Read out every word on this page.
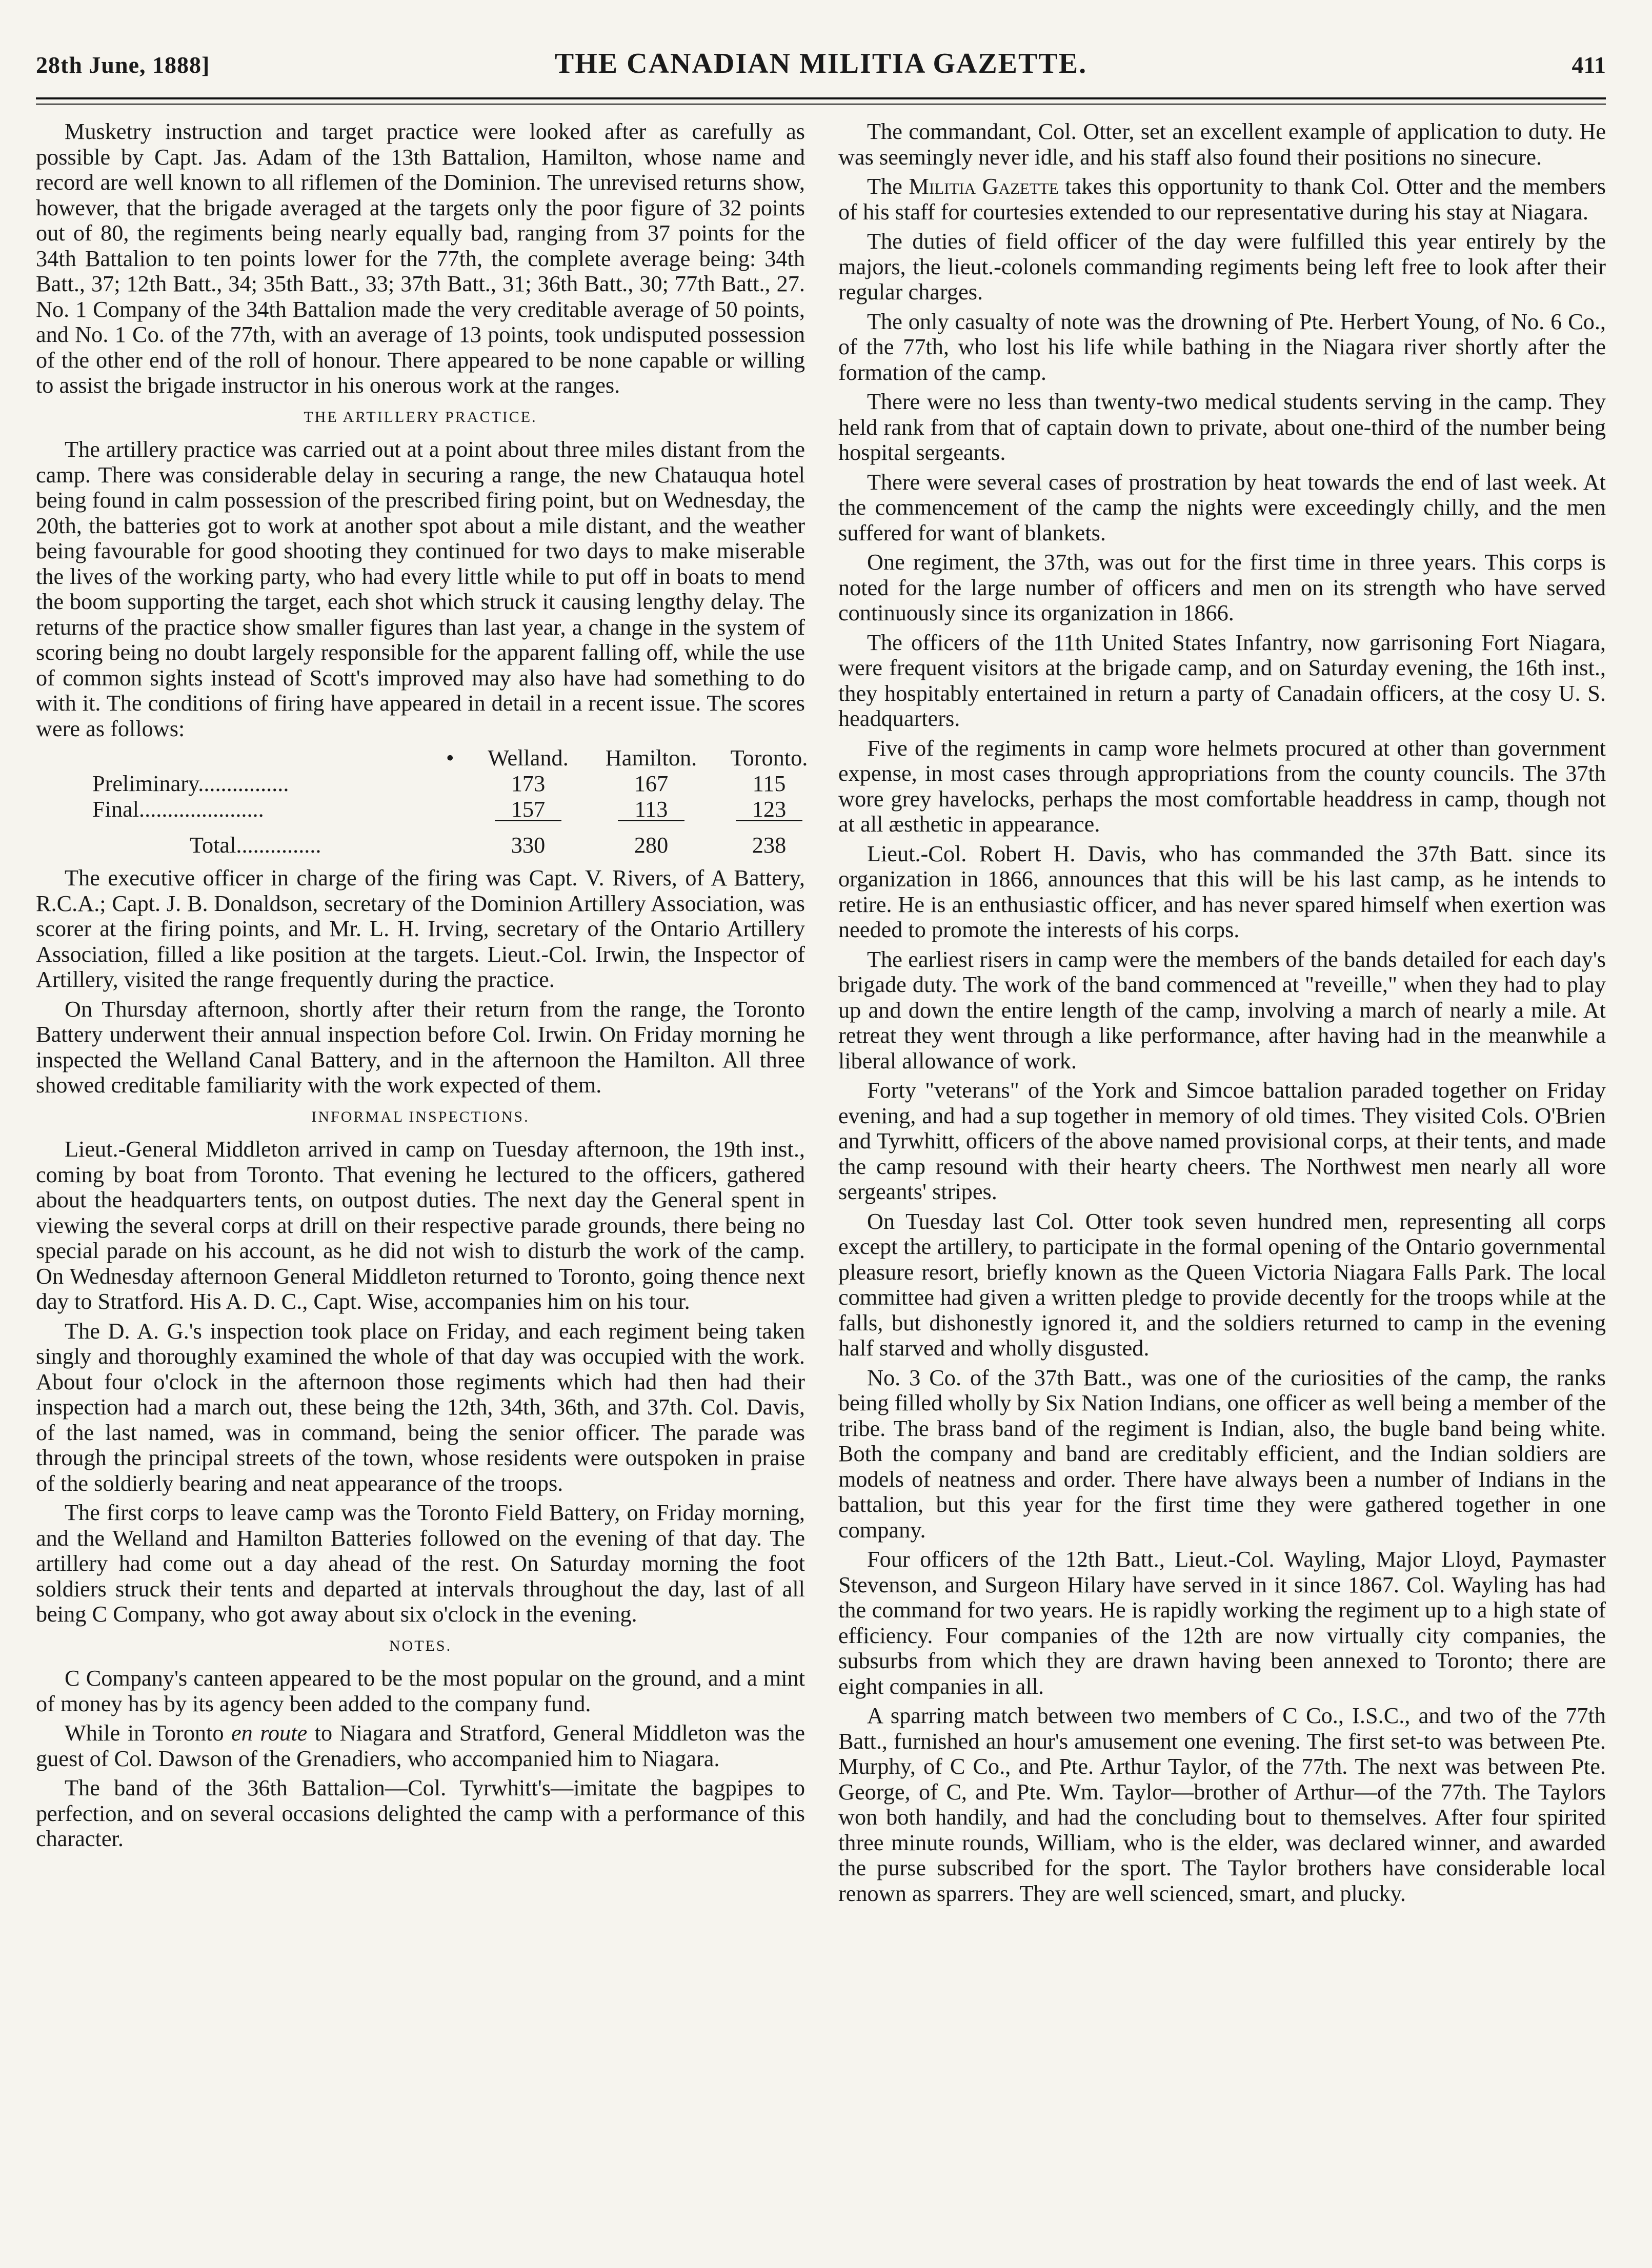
28th June, 1888]	THE CANADIAN MILITIA GAZETTE.	411

Musketry instruction and target practice were looked after as carefully as possible by Capt. Jas. Adam of the 13th Battalion, Hamilton, whose name and record are well known to all riflemen of the Dominion. The unrevised returns show, however, that the brigade averaged at the targets only the poor figure of 32 points out of 80, the regiments being nearly equally bad, ranging from 37 points for the 34th Battalion to ten points lower for the 77th, the complete average being: 34th Batt., 37; 12th Batt., 34; 35th Batt., 33; 37th Batt., 31; 36th Batt., 30; 77th Batt., 27. No. 1 Company of the 34th Battalion made the very creditable average of 50 points, and No. 1 Co. of the 77th, with an average of 13 points, took undisputed possession of the other end of the roll of honour. There appeared to be none capable or willing to assist the brigade instructor in his onerous work at the ranges.

THE ARTILLERY PRACTICE.

The artillery practice was carried out at a point about three miles distant from the camp. There was considerable delay in securing a range, the new Chatauqua hotel being found in calm possession of the prescribed firing point, but on Wednesday, the 20th, the batteries got to work at another spot about a mile distant, and the weather being favourable for good shooting they continued for two days to make miserable the lives of the working party, who had every little while to put off in boats to mend the boom supporting the target, each shot which struck it causing lengthy delay. The returns of the practice show smaller figures than last year, a change in the system of scoring being no doubt largely responsible for the apparent falling off, while the use of common sights instead of Scott's improved may also have had something to do with it. The conditions of firing have appeared in detail in a recent issue. The scores were as follows:

•	Welland.	Hamilton.	Toronto.
Preliminary................	173	167	115
Final......................	157	113	123
Total...............	330	280	238

The executive officer in charge of the firing was Capt. V. Rivers, of A Battery, R.C.A.; Capt. J. B. Donaldson, secretary of the Dominion Artillery Association, was scorer at the firing points, and Mr. L. H. Irving, secretary of the Ontario Artillery Association, filled a like position at the targets. Lieut.-Col. Irwin, the Inspector of Artillery, visited the range frequently during the practice.

On Thursday afternoon, shortly after their return from the range, the Toronto Battery underwent their annual inspection before Col. Irwin. On Friday morning he inspected the Welland Canal Battery, and in the afternoon the Hamilton. All three showed creditable familiarity with the work expected of them.

INFORMAL INSPECTIONS.

Lieut.-General Middleton arrived in camp on Tuesday afternoon, the 19th inst., coming by boat from Toronto. That evening he lectured to the officers, gathered about the headquarters tents, on outpost duties. The next day the General spent in viewing the several corps at drill on their respective parade grounds, there being no special parade on his account, as he did not wish to disturb the work of the camp. On Wednesday afternoon General Middleton returned to Toronto, going thence next day to Stratford. His A. D. C., Capt. Wise, accompanies him on his tour.

The D. A. G.'s inspection took place on Friday, and each regiment being taken singly and thoroughly examined the whole of that day was occupied with the work. About four o'clock in the afternoon those regiments which had then had their inspection had a march out, these being the 12th, 34th, 36th, and 37th. Col. Davis, of the last named, was in command, being the senior officer. The parade was through the principal streets of the town, whose residents were outspoken in praise of the soldierly bearing and neat appearance of the troops.

The first corps to leave camp was the Toronto Field Battery, on Friday morning, and the Welland and Hamilton Batteries followed on the evening of that day. The artillery had come out a day ahead of the rest. On Saturday morning the foot soldiers struck their tents and departed at intervals throughout the day, last of all being C Company, who got away about six o'clock in the evening.

NOTES.

C Company's canteen appeared to be the most popular on the ground, and a mint of money has by its agency been added to the company fund.

While in Toronto en route to Niagara and Stratford, General Middleton was the guest of Col. Dawson of the Grenadiers, who accompanied him to Niagara.

The band of the 36th Battalion—Col. Tyrwhitt's—imitate the bagpipes to perfection, and on several occasions delighted the camp with a performance of this character.

The commandant, Col. Otter, set an excellent example of application to duty. He was seemingly never idle, and his staff also found their positions no sinecure.

The Militia Gazette takes this opportunity to thank Col. Otter and the members of his staff for courtesies extended to our representative during his stay at Niagara.

The duties of field officer of the day were fulfilled this year entirely by the majors, the lieut.-colonels commanding regiments being left free to look after their regular charges.

The only casualty of note was the drowning of Pte. Herbert Young, of No. 6 Co., of the 77th, who lost his life while bathing in the Niagara river shortly after the formation of the camp.

There were no less than twenty-two medical students serving in the camp. They held rank from that of captain down to private, about one-third of the number being hospital sergeants.

There were several cases of prostration by heat towards the end of last week. At the commencement of the camp the nights were exceedingly chilly, and the men suffered for want of blankets.

One regiment, the 37th, was out for the first time in three years. This corps is noted for the large number of officers and men on its strength who have served continuously since its organization in 1866.

The officers of the 11th United States Infantry, now garrisoning Fort Niagara, were frequent visitors at the brigade camp, and on Saturday evening, the 16th inst., they hospitably entertained in return a party of Canadain officers, at the cosy U. S. headquarters.

Five of the regiments in camp wore helmets procured at other than government expense, in most cases through appropriations from the county councils. The 37th wore grey havelocks, perhaps the most comfortable headdress in camp, though not at all æsthetic in appearance.

Lieut.-Col. Robert H. Davis, who has commanded the 37th Batt. since its organization in 1866, announces that this will be his last camp, as he intends to retire. He is an enthusiastic officer, and has never spared himself when exertion was needed to promote the interests of his corps.

The earliest risers in camp were the members of the bands detailed for each day's brigade duty. The work of the band commenced at "reveille," when they had to play up and down the entire length of the camp, involving a march of nearly a mile. At retreat they went through a like performance, after having had in the meanwhile a liberal allowance of work.

Forty "veterans" of the York and Simcoe battalion paraded together on Friday evening, and had a sup together in memory of old times. They visited Cols. O'Brien and Tyrwhitt, officers of the above named provisional corps, at their tents, and made the camp resound with their hearty cheers. The Northwest men nearly all wore sergeants' stripes.

On Tuesday last Col. Otter took seven hundred men, representing all corps except the artillery, to participate in the formal opening of the Ontario governmental pleasure resort, briefly known as the Queen Victoria Niagara Falls Park. The local committee had given a written pledge to provide decently for the troops while at the falls, but dishonestly ignored it, and the soldiers returned to camp in the evening half starved and wholly disgusted.

No. 3 Co. of the 37th Batt., was one of the curiosities of the camp, the ranks being filled wholly by Six Nation Indians, one officer as well being a member of the tribe. The brass band of the regiment is Indian, also, the bugle band being white. Both the company and band are creditably efficient, and the Indian soldiers are models of neatness and order. There have always been a number of Indians in the battalion, but this year for the first time they were gathered together in one company.

Four officers of the 12th Batt., Lieut.-Col. Wayling, Major Lloyd, Paymaster Stevenson, and Surgeon Hilary have served in it since 1867. Col. Wayling has had the command for two years. He is rapidly working the regiment up to a high state of efficiency. Four companies of the 12th are now virtually city companies, the subsurbs from which they are drawn having been annexed to Toronto; there are eight companies in all.

A sparring match between two members of C Co., I.S.C., and two of the 77th Batt., furnished an hour's amusement one evening. The first set-to was between Pte. Murphy, of C Co., and Pte. Arthur Taylor, of the 77th. The next was between Pte. George, of C, and Pte. Wm. Taylor—brother of Arthur—of the 77th. The Taylors won both handily, and had the concluding bout to themselves. After four spirited three minute rounds, William, who is the elder, was declared winner, and awarded the purse subscribed for the sport. The Taylor brothers have considerable local renown as sparrers. They are well scienced, smart, and plucky.
